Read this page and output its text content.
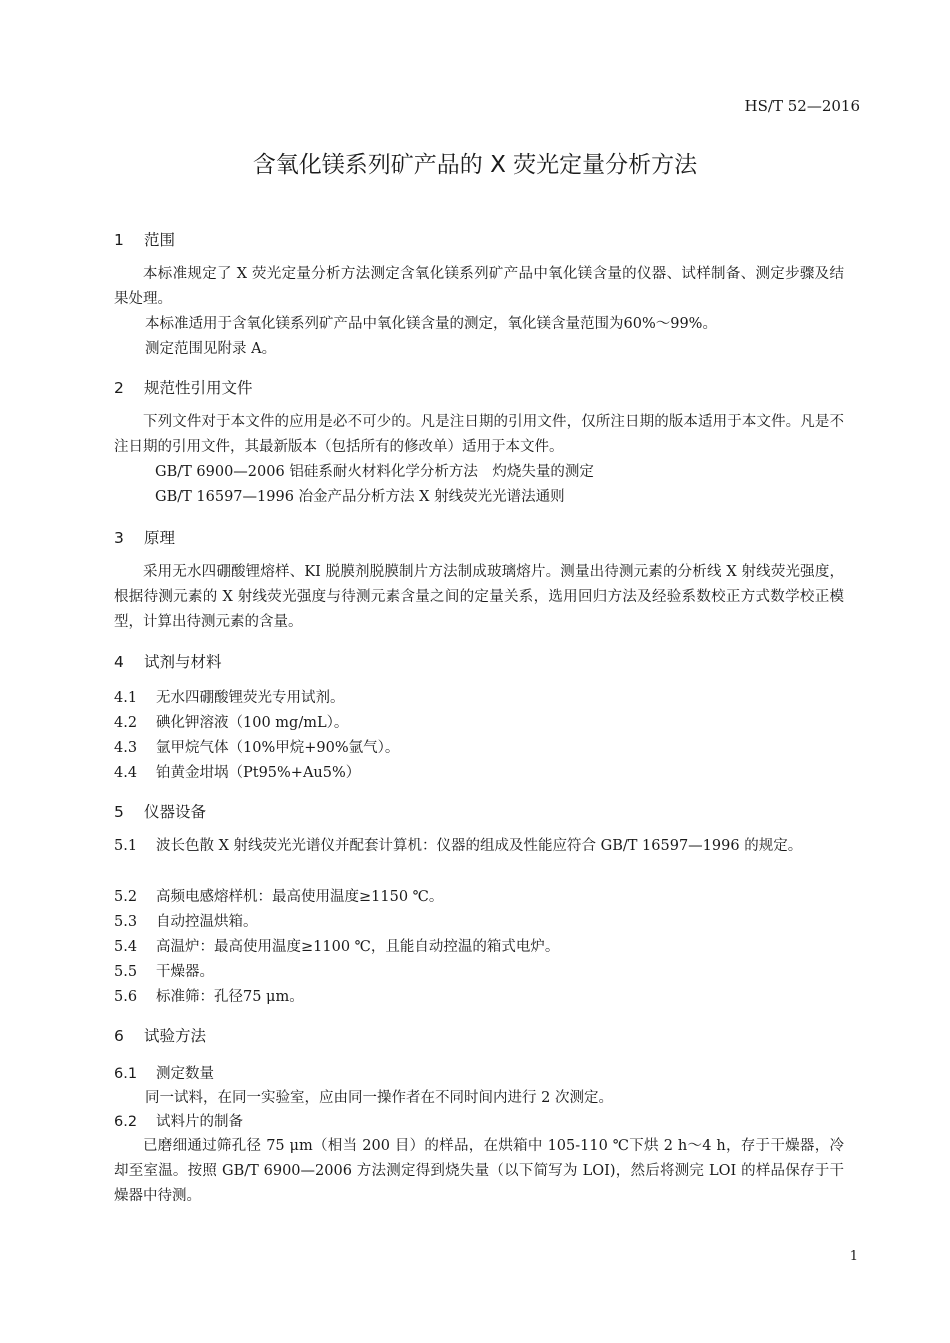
HS/T 52—2016
含氧化镁系列矿产品的 X 荧光定量分析方法
1 范围
本标准规定了 X 荧光定量分析方法测定含氧化镁系列矿产品中氧化镁含量的仪器、试样制备、测定步骤及结果处理。
本标准适用于含氧化镁系列矿产品中氧化镁含量的测定，氧化镁含量范围为60%～99%。
测定范围见附录 A。
2 规范性引用文件
下列文件对于本文件的应用是必不可少的。凡是注日期的引用文件，仅所注日期的版本适用于本文件。凡是不注日期的引用文件，其最新版本（包括所有的修改单）适用于本文件。
GB/T 6900—2006 铝硅系耐火材料化学分析方法　灼烧失量的测定
GB/T 16597—1996 冶金产品分析方法 X 射线荧光光谱法通则
3 原理
采用无水四硼酸锂熔样、KI 脱膜剂脱膜制片方法制成玻璃熔片。测量出待测元素的分析线 X 射线荧光强度，根据待测元素的 X 射线荧光强度与待测元素含量之间的定量关系，选用回归方法及经验系数校正方式数学校正模型，计算出待测元素的含量。
4 试剂与材料
4.1 无水四硼酸锂荧光专用试剂。
4.2 碘化钾溶液（100 mg/mL）。
4.3 氩甲烷气体（10%甲烷+90%氩气）。
4.4 铂黄金坩埚（Pt95%+Au5%）
5 仪器设备
5.1 波长色散 X 射线荧光光谱仪并配套计算机：仪器的组成及性能应符合 GB/T 16597—1996 的规定。
5.2 高频电感熔样机：最高使用温度≥1150 ℃。
5.3 自动控温烘箱。
5.4 高温炉：最高使用温度≥1100 ℃，且能自动控温的箱式电炉。
5.5 干燥器。
5.6 标准筛：孔径75 μm。
6 试验方法
6.1 测定数量
同一试料，在同一实验室，应由同一操作者在不同时间内进行 2 次测定。
6.2 试料片的制备
已磨细通过筛孔径 75 μm（相当 200 目）的样品，在烘箱中 105-110 ℃下烘 2 h～4 h，存于干燥器，冷却至室温。按照 GB/T 6900—2006 方法测定得到烧失量（以下简写为 LOI)，然后将测完 LOI 的样品保存于干燥器中待测。
1
